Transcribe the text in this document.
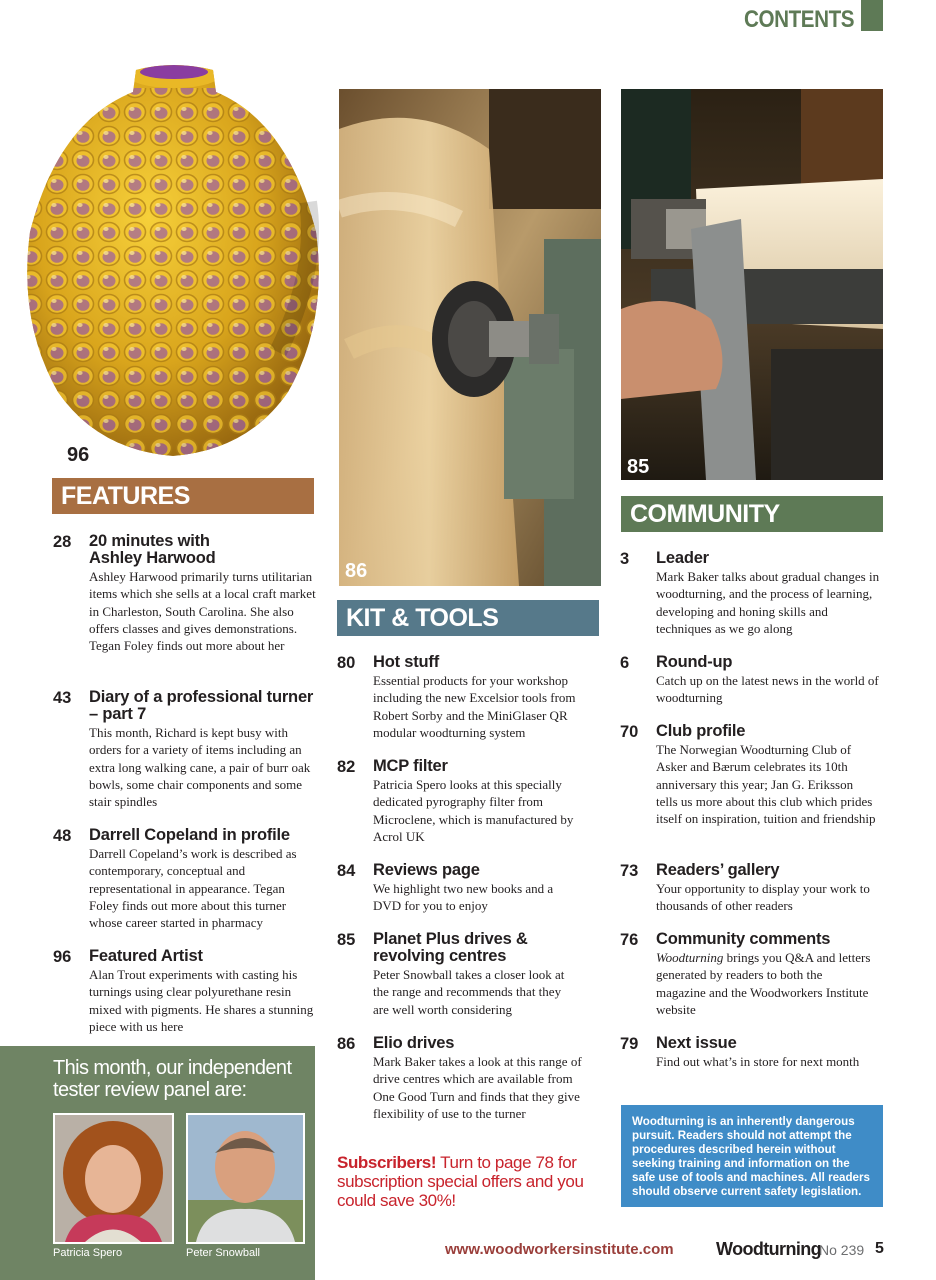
CONTENTS
96
86
85
FEATURES
KIT & TOOLS
COMMUNITY
28 20 minutes with Ashley Harwood
Ashley Harwood primarily turns utilitarian items which she sells at a local craft market in Charleston, South Carolina. She also offers classes and gives demonstrations. Tegan Foley finds out more about her
43 Diary of a professional turner – part 7
This month, Richard is kept busy with orders for a variety of items including an extra long walking cane, a pair of burr oak bowls, some chair components and some stair spindles
48 Darrell Copeland in profile
Darrell Copeland’s work is described as contemporary, conceptual and representational in appearance. Tegan Foley finds out more about this turner whose career started in pharmacy
96 Featured Artist
Alan Trout experiments with casting his turnings using clear polyurethane resin mixed with pigments. He shares a stunning piece with us here
80 Hot stuff
Essential products for your workshop including the new Excelsior tools from Robert Sorby and the MiniGlaser QR modular woodturning system
82 MCP filter
Patricia Spero looks at this specially dedicated pyrography filter from Microclene, which is manufactured by Acrol UK
84 Reviews page
We highlight two new books and a DVD for you to enjoy
85 Planet Plus drives & revolving centres
Peter Snowball takes a closer look at the range and recommends that they are well worth considering
86 Elio drives
Mark Baker takes a look at this range of drive centres which are available from One Good Turn and finds that they give flexibility of use to the turner
3 Leader
Mark Baker talks about gradual changes in woodturning, and the process of learning, developing and honing skills and techniques as we go along
6 Round-up
Catch up on the latest news in the world of woodturning
70 Club profile
The Norwegian Woodturning Club of Asker and Bærum celebrates its 10th anniversary this year; Jan G. Eriksson tells us more about this club which prides itself on inspiration, tuition and friendship
73 Readers’ gallery
Your opportunity to display your work to thousands of other readers
76 Community comments
Woodturning brings you Q&A and letters generated by readers to both the magazine and the Woodworkers Institute website
79 Next issue
Find out what’s in store for next month
This month, our independent tester review panel are:
Patricia Spero	Peter Snowball
Subscribers! Turn to page 78 for subscription special offers and you could save 30%!
Woodturning is an inherently dangerous pursuit. Readers should not attempt the procedures described herein without seeking training and information on the safe use of tools and machines. All readers should observe current safety legislation.
www.woodworkersinstitute.com Woodturning
No 239 5
